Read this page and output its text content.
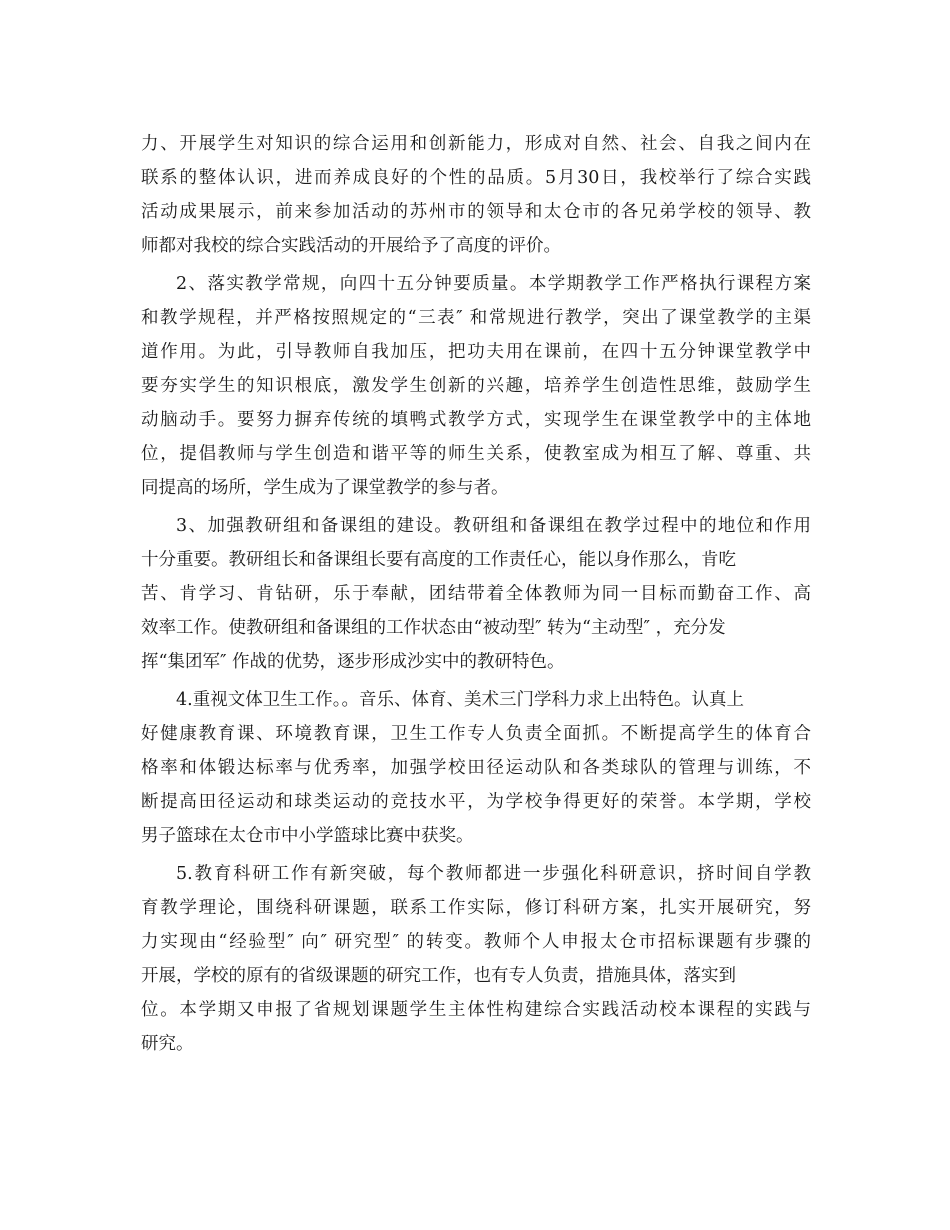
力、开展学生对知识的综合运用和创新能力，形成对自然、社会、自我之间内在
联系的整体认识，进而养成良好的个性的品质。5月30日，我校举行了综合实践
活动成果展示，前来参加活动的苏州市的领导和太仓市的各兄弟学校的领导、教
师都对我校的综合实践活动的开展给予了高度的评价。
2、落实教学常规，向四十五分钟要质量。本学期教学工作严格执行课程方案
和教学规程，并严格按照规定的“三表″ 和常规进行教学，突出了课堂教学的主渠
道作用。为此，引导教师自我加压，把功夫用在课前，在四十五分钟课堂教学中
要夯实学生的知识根底，激发学生创新的兴趣，培养学生创造性思维，鼓励学生
动脑动手。要努力摒弃传统的填鸭式教学方式，实现学生在课堂教学中的主体地
位，提倡教师与学生创造和谐平等的师生关系，使教室成为相互了解、尊重、共
同提高的场所，学生成为了课堂教学的参与者。
3、加强教研组和备课组的建设。教研组和备课组在教学过程中的地位和作用
十分重要。教研组长和备课组长要有高度的工作责任心，能以身作那么，肯吃
苦、肯学习、肯钻研，乐于奉献，团结带着全体教师为同一目标而勤奋工作、高
效率工作。使教研组和备课组的工作状态由“被动型″ 转为“主动型″ ，充分发
挥“集团军″ 作战的优势，逐步形成沙实中的教研特色。
4.重视文体卫生工作。。音乐、体育、美术三门学科力求上出特色。认真上
好健康教育课、环境教育课，卫生工作专人负责全面抓。不断提高学生的体育合
格率和体锻达标率与优秀率，加强学校田径运动队和各类球队的管理与训练，不
断提高田径运动和球类运动的竞技水平，为学校争得更好的荣誉。本学期，学校
男子篮球在太仓市中小学篮球比赛中获奖。
5.教育科研工作有新突破，每个教师都进一步强化科研意识，挤时间自学教
育教学理论，围绕科研课题，联系工作实际，修订科研方案，扎实开展研究，努
力实现由“经验型″ 向″ 研究型″ 的转变。教师个人申报太仓市招标课题有步骤的
开展，学校的原有的省级课题的研究工作，也有专人负责，措施具体，落实到
位。本学期又申报了省规划课题学生主体性构建综合实践活动校本课程的实践与
研究。
